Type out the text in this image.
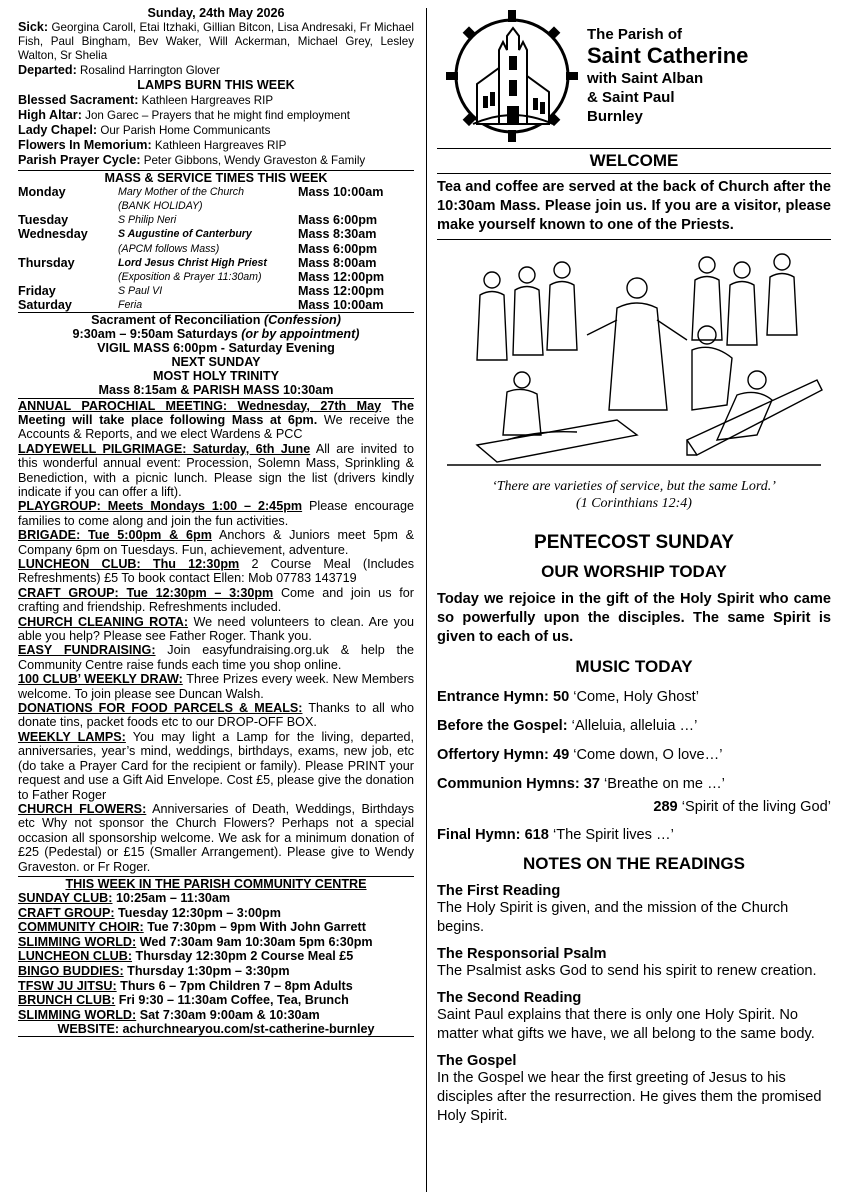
Sunday, 24th May 2026
Sick: Georgina Caroll, Etai Itzhaki, Gillian Bitcon, Lisa Andresaki, Fr Michael Fish, Paul Bingham, Bev Waker, Will Ackerman, Michael Grey, Lesley Walton, Sr Shelia
Departed: Rosalind Harrington Glover
LAMPS BURN THIS WEEK
Blessed Sacrament: Kathleen Hargreaves RIP
High Altar: Jon Garec – Prayers that he might find employment
Lady Chapel: Our Parish Home Communicants
Flowers In Memorium: Kathleen Hargreaves RIP
Parish Prayer Cycle: Peter Gibbons, Wendy Graveston & Family
MASS & SERVICE TIMES THIS WEEK
Monday	Mary Mother of the Church	Mass 10:00am
(BANK HOLIDAY)
Tuesday	S Philip Neri	Mass 6:00pm
Wednesday	S Augustine of Canterbury	Mass 8:30am
(APCM follows Mass)	Mass 6:00pm
Thursday	Lord Jesus Christ High Priest	Mass 8:00am
(Exposition & Prayer 11:30am)	Mass 12:00pm
Friday	S Paul VI	Mass 12:00pm
Saturday	Feria	Mass 10:00am
Sacrament of Reconciliation (Confession)
9:30am – 9:50am Saturdays (or by appointment)
VIGIL MASS 6:00pm - Saturday Evening
NEXT SUNDAY
MOST HOLY TRINITY
Mass 8:15am & PARISH MASS 10:30am
ANNUAL PAROCHIAL MEETING: Wednesday, 27th May The Meeting will take place following Mass at 6pm. We receive the Accounts & Reports, and we elect Wardens & PCC
LADYEWELL PILGRIMAGE: Saturday, 6th June All are invited to this wonderful annual event: Procession, Solemn Mass, Sprinkling & Benediction, with a picnic lunch. Please sign the list (drivers kindly indicate if you can offer a lift).
PLAYGROUP: Meets Mondays 1:00 – 2:45pm Please encourage families to come along and join the fun activities.
BRIGADE: Tue 5:00pm & 6pm Anchors & Juniors meet 5pm & Company 6pm on Tuesdays. Fun, achievement, adventure.
LUNCHEON CLUB: Thu 12:30pm 2 Course Meal (Includes Refreshments) £5 To book contact Ellen: Mob 07783 143719
CRAFT GROUP: Tue 12:30pm – 3:30pm Come and join us for crafting and friendship. Refreshments included.
CHURCH CLEANING ROTA: We need volunteers to clean. Are you able you help? Please see Father Roger. Thank you.
EASY FUNDRAISING: Join easyfundraising.org.uk & help the Community Centre raise funds each time you shop online.
100 CLUB’ WEEKLY DRAW: Three Prizes every week. New Members welcome. To join please see Duncan Walsh.
DONATIONS FOR FOOD PARCELS & MEALS: Thanks to all who donate tins, packet foods etc to our DROP-OFF BOX.
WEEKLY LAMPS: You may light a Lamp for the living, departed, anniversaries, year’s mind, weddings, birthdays, exams, new job, etc (do take a Prayer Card for the recipient or family). Please PRINT your request and use a Gift Aid Envelope. Cost £5, please give the donation to Father Roger
CHURCH FLOWERS: Anniversaries of Death, Weddings, Birthdays etc Why not sponsor the Church Flowers? Perhaps not a special occasion all sponsorship welcome. We ask for a minimum donation of £25 (Pedestal) or £15 (Smaller Arrangement). Please give to Wendy Graveston. or Fr Roger.
THIS WEEK IN THE PARISH COMMUNITY CENTRE
SUNDAY CLUB: 10:25am – 11:30am
CRAFT GROUP: Tuesday 12:30pm – 3:00pm
COMMUNITY CHOIR: Tue 7:30pm – 9pm With John Garrett
SLIMMING WORLD: Wed 7:30am 9am 10:30am 5pm 6:30pm
LUNCHEON CLUB: Thursday 12:30pm 2 Course Meal £5
BINGO BUDDIES: Thursday 1:30pm – 3:30pm
TFSW JU JITSU: Thurs 6 – 7pm Children 7 – 8pm Adults
BRUNCH CLUB: Fri 9:30 – 11:30am Coffee, Tea, Brunch
SLIMMING WORLD: Sat 7:30am 9:00am & 10:30am
WEBSITE: achurchnearyou.com/st-catherine-burnley
The Parish of
Saint Catherine
with Saint Alban
& Saint Paul
Burnley
WELCOME
Tea and coffee are served at the back of Church after the 10:30am Mass. Please join us. If you are a visitor, please make yourself known to one of the Priests.
‘There are varieties of service, but the same Lord.’
(1 Corinthians 12:4)
PENTECOST SUNDAY
OUR WORSHIP TODAY
Today we rejoice in the gift of the Holy Spirit who came so powerfully upon the disciples. The same Spirit is given to each of us.
MUSIC TODAY
Entrance Hymn: 50 ‘Come, Holy Ghost’
Before the Gospel: ‘Alleluia, alleluia …’
Offertory Hymn: 49 ‘Come down, O love…’
Communion Hymns: 37 ‘Breathe on me …’
289 ‘Spirit of the living God’
Final Hymn: 618 ‘The Spirit lives …’
NOTES ON THE READINGS
The First Reading
The Holy Spirit is given, and the mission of the Church begins.
The Responsorial Psalm
The Psalmist asks God to send his spirit to renew creation.
The Second Reading
Saint Paul explains that there is only one Holy Spirit. No matter what gifts we have, we all belong to the same body.
The Gospel
In the Gospel we hear the first greeting of Jesus to his disciples after the resurrection. He gives them the promised Holy Spirit.
